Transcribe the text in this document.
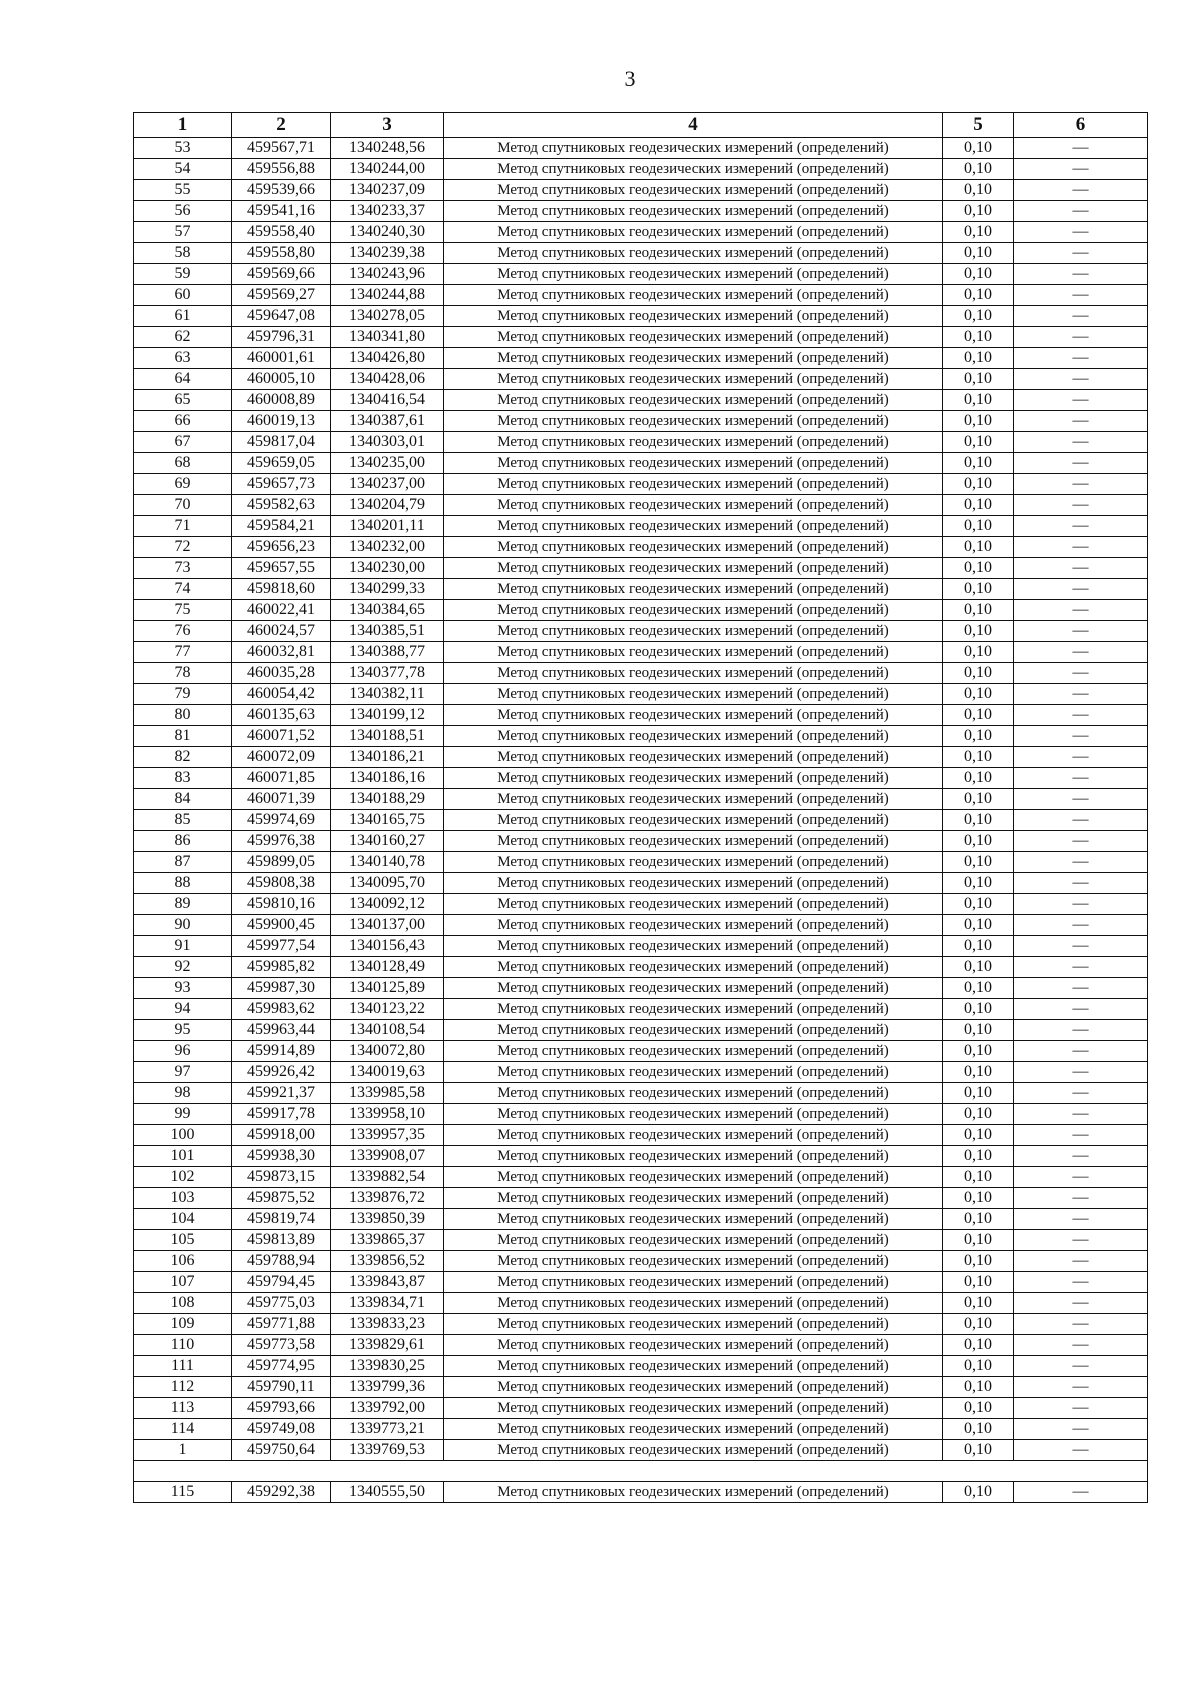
3
1	2	3	4	5	6
53	459567,71	1340248,56	Метод спутниковых геодезических измерений (определений)	0,10	—
54	459556,88	1340244,00	Метод спутниковых геодезических измерений (определений)	0,10	—
55	459539,66	1340237,09	Метод спутниковых геодезических измерений (определений)	0,10	—
56	459541,16	1340233,37	Метод спутниковых геодезических измерений (определений)	0,10	—
57	459558,40	1340240,30	Метод спутниковых геодезических измерений (определений)	0,10	—
58	459558,80	1340239,38	Метод спутниковых геодезических измерений (определений)	0,10	—
59	459569,66	1340243,96	Метод спутниковых геодезических измерений (определений)	0,10	—
60	459569,27	1340244,88	Метод спутниковых геодезических измерений (определений)	0,10	—
61	459647,08	1340278,05	Метод спутниковых геодезических измерений (определений)	0,10	—
62	459796,31	1340341,80	Метод спутниковых геодезических измерений (определений)	0,10	—
63	460001,61	1340426,80	Метод спутниковых геодезических измерений (определений)	0,10	—
64	460005,10	1340428,06	Метод спутниковых геодезических измерений (определений)	0,10	—
65	460008,89	1340416,54	Метод спутниковых геодезических измерений (определений)	0,10	—
66	460019,13	1340387,61	Метод спутниковых геодезических измерений (определений)	0,10	—
67	459817,04	1340303,01	Метод спутниковых геодезических измерений (определений)	0,10	—
68	459659,05	1340235,00	Метод спутниковых геодезических измерений (определений)	0,10	—
69	459657,73	1340237,00	Метод спутниковых геодезических измерений (определений)	0,10	—
70	459582,63	1340204,79	Метод спутниковых геодезических измерений (определений)	0,10	—
71	459584,21	1340201,11	Метод спутниковых геодезических измерений (определений)	0,10	—
72	459656,23	1340232,00	Метод спутниковых геодезических измерений (определений)	0,10	—
73	459657,55	1340230,00	Метод спутниковых геодезических измерений (определений)	0,10	—
74	459818,60	1340299,33	Метод спутниковых геодезических измерений (определений)	0,10	—
75	460022,41	1340384,65	Метод спутниковых геодезических измерений (определений)	0,10	—
76	460024,57	1340385,51	Метод спутниковых геодезических измерений (определений)	0,10	—
77	460032,81	1340388,77	Метод спутниковых геодезических измерений (определений)	0,10	—
78	460035,28	1340377,78	Метод спутниковых геодезических измерений (определений)	0,10	—
79	460054,42	1340382,11	Метод спутниковых геодезических измерений (определений)	0,10	—
80	460135,63	1340199,12	Метод спутниковых геодезических измерений (определений)	0,10	—
81	460071,52	1340188,51	Метод спутниковых геодезических измерений (определений)	0,10	—
82	460072,09	1340186,21	Метод спутниковых геодезических измерений (определений)	0,10	—
83	460071,85	1340186,16	Метод спутниковых геодезических измерений (определений)	0,10	—
84	460071,39	1340188,29	Метод спутниковых геодезических измерений (определений)	0,10	—
85	459974,69	1340165,75	Метод спутниковых геодезических измерений (определений)	0,10	—
86	459976,38	1340160,27	Метод спутниковых геодезических измерений (определений)	0,10	—
87	459899,05	1340140,78	Метод спутниковых геодезических измерений (определений)	0,10	—
88	459808,38	1340095,70	Метод спутниковых геодезических измерений (определений)	0,10	—
89	459810,16	1340092,12	Метод спутниковых геодезических измерений (определений)	0,10	—
90	459900,45	1340137,00	Метод спутниковых геодезических измерений (определений)	0,10	—
91	459977,54	1340156,43	Метод спутниковых геодезических измерений (определений)	0,10	—
92	459985,82	1340128,49	Метод спутниковых геодезических измерений (определений)	0,10	—
93	459987,30	1340125,89	Метод спутниковых геодезических измерений (определений)	0,10	—
94	459983,62	1340123,22	Метод спутниковых геодезических измерений (определений)	0,10	—
95	459963,44	1340108,54	Метод спутниковых геодезических измерений (определений)	0,10	—
96	459914,89	1340072,80	Метод спутниковых геодезических измерений (определений)	0,10	—
97	459926,42	1340019,63	Метод спутниковых геодезических измерений (определений)	0,10	—
98	459921,37	1339985,58	Метод спутниковых геодезических измерений (определений)	0,10	—
99	459917,78	1339958,10	Метод спутниковых геодезических измерений (определений)	0,10	—
100	459918,00	1339957,35	Метод спутниковых геодезических измерений (определений)	0,10	—
101	459938,30	1339908,07	Метод спутниковых геодезических измерений (определений)	0,10	—
102	459873,15	1339882,54	Метод спутниковых геодезических измерений (определений)	0,10	—
103	459875,52	1339876,72	Метод спутниковых геодезических измерений (определений)	0,10	—
104	459819,74	1339850,39	Метод спутниковых геодезических измерений (определений)	0,10	—
105	459813,89	1339865,37	Метод спутниковых геодезических измерений (определений)	0,10	—
106	459788,94	1339856,52	Метод спутниковых геодезических измерений (определений)	0,10	—
107	459794,45	1339843,87	Метод спутниковых геодезических измерений (определений)	0,10	—
108	459775,03	1339834,71	Метод спутниковых геодезических измерений (определений)	0,10	—
109	459771,88	1339833,23	Метод спутниковых геодезических измерений (определений)	0,10	—
110	459773,58	1339829,61	Метод спутниковых геодезических измерений (определений)	0,10	—
111	459774,95	1339830,25	Метод спутниковых геодезических измерений (определений)	0,10	—
112	459790,11	1339799,36	Метод спутниковых геодезических измерений (определений)	0,10	—
113	459793,66	1339792,00	Метод спутниковых геодезических измерений (определений)	0,10	—
114	459749,08	1339773,21	Метод спутниковых геодезических измерений (определений)	0,10	—
1	459750,64	1339769,53	Метод спутниковых геодезических измерений (определений)	0,10	—

115	459292,38	1340555,50	Метод спутниковых геодезических измерений (определений)	0,10	—
